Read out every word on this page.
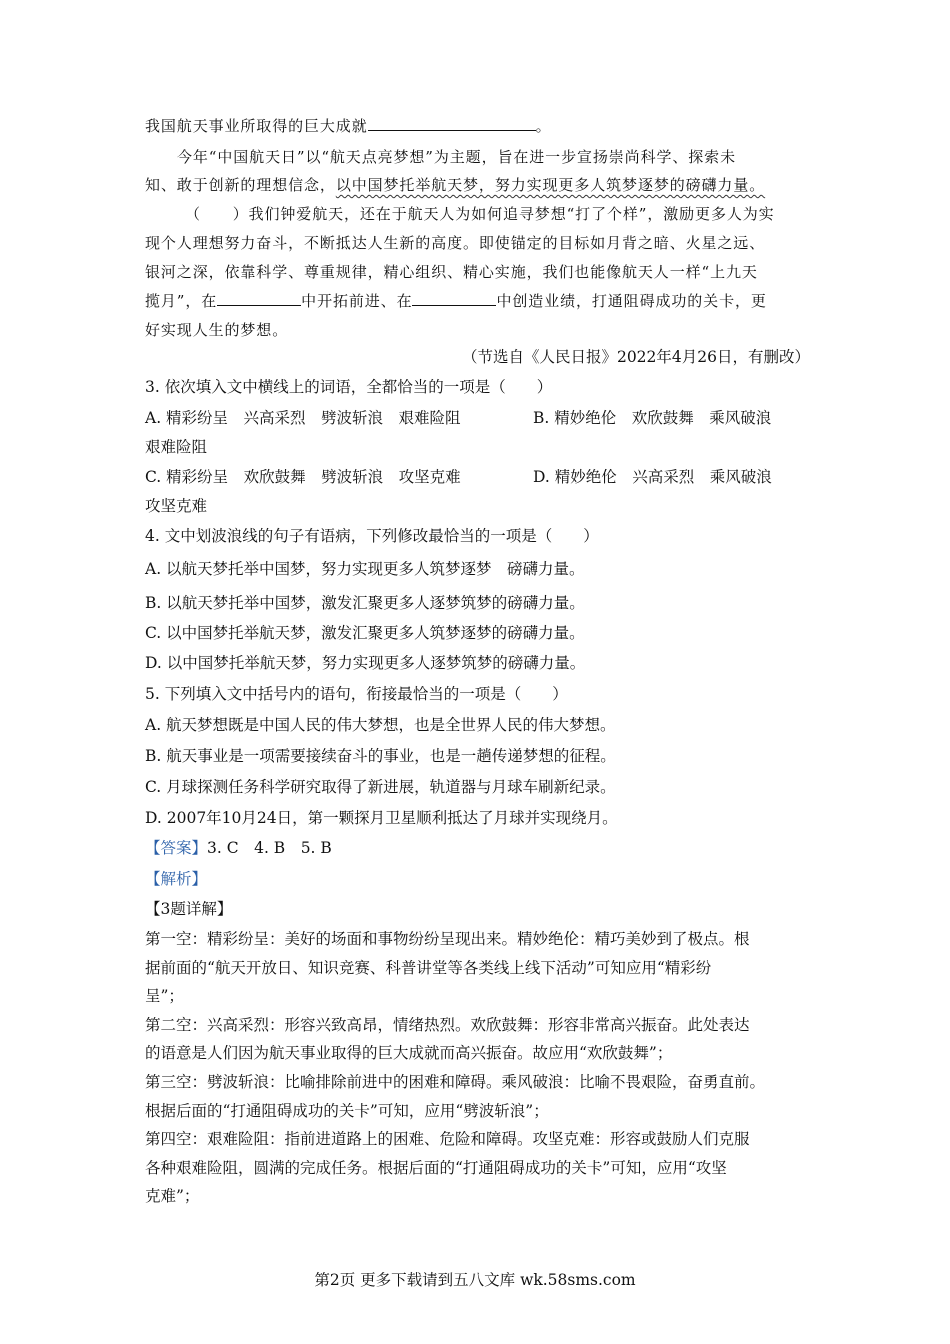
我国航天事业所取得的巨大成就	。
今年“中国航天日”以“航天点亮梦想”为主题，旨在进一步宣扬崇尚科学、探索未
知、敢于创新的理想信念，以中国梦托举航天梦，努力实现更多人筑梦逐梦的磅礴力量。
（　　）我们钟爱航天，还在于航天人为如何追寻梦想“打了个样”，激励更多人为实
现个人理想努力奋斗，不断抵达人生新的高度。即使锚定的目标如月背之暗、火星之远、
银河之深，依靠科学、尊重规律，精心组织、精心实施，我们也能像航天人一样“上九天
揽月”，在	中开拓前进、在	中创造业绩，打通阻碍成功的关卡，更
好实现人生的梦想。
（节选自《人民日报》2022年4月26日，有删改）
3. 依次填入文中横线上的词语，全都恰当的一项是（　　）
A. 精彩纷呈　兴高采烈　劈波斩浪　艰难险阻	B. 精妙绝伦　欢欣鼓舞　乘风破浪
艰难险阻
C. 精彩纷呈　欢欣鼓舞　劈波斩浪　攻坚克难	D. 精妙绝伦　兴高采烈　乘风破浪
攻坚克难
4. 文中划波浪线的句子有语病，下列修改最恰当的一项是（　　）
A. 以航天梦托举中国梦，努力实现更多人筑梦逐梦　磅礴力量。
B. 以航天梦托举中国梦，激发汇聚更多人逐梦筑梦的磅礴力量。
C. 以中国梦托举航天梦，激发汇聚更多人筑梦逐梦的磅礴力量。
D. 以中国梦托举航天梦，努力实现更多人逐梦筑梦的磅礴力量。
5. 下列填入文中括号内的语句，衔接最恰当的一项是（　　）
A. 航天梦想既是中国人民的伟大梦想，也是全世界人民的伟大梦想。
B. 航天事业是一项需要接续奋斗的事业，也是一趟传递梦想的征程。
C. 月球探测任务科学研究取得了新进展，轨道器与月球车刷新纪录。
D. 2007年10月24日，第一颗探月卫星顺利抵达了月球并实现绕月。
【答案】3. C　4. B　5. B
【解析】
【3题详解】
第一空：精彩纷呈：美好的场面和事物纷纷呈现出来。精妙绝伦：精巧美妙到了极点。根
据前面的“航天开放日、知识竞赛、科普讲堂等各类线上线下活动”可知应用“精彩纷
呈”；
第二空：兴高采烈：形容兴致高昂，情绪热烈。欢欣鼓舞：形容非常高兴振奋。此处表达
的语意是人们因为航天事业取得的巨大成就而高兴振奋。故应用“欢欣鼓舞”；
第三空：劈波斩浪：比喻排除前进中的困难和障碍。乘风破浪：比喻不畏艰险，奋勇直前。
根据后面的“打通阻碍成功的关卡”可知，应用“劈波斩浪”；
第四空：艰难险阻：指前进道路上的困难、危险和障碍。攻坚克难：形容或鼓励人们克服
各种艰难险阻，圆满的完成任务。根据后面的“打通阻碍成功的关卡”可知，应用“攻坚
克难”；
第2页 更多下载请到五八文库 wk.58sms.com
